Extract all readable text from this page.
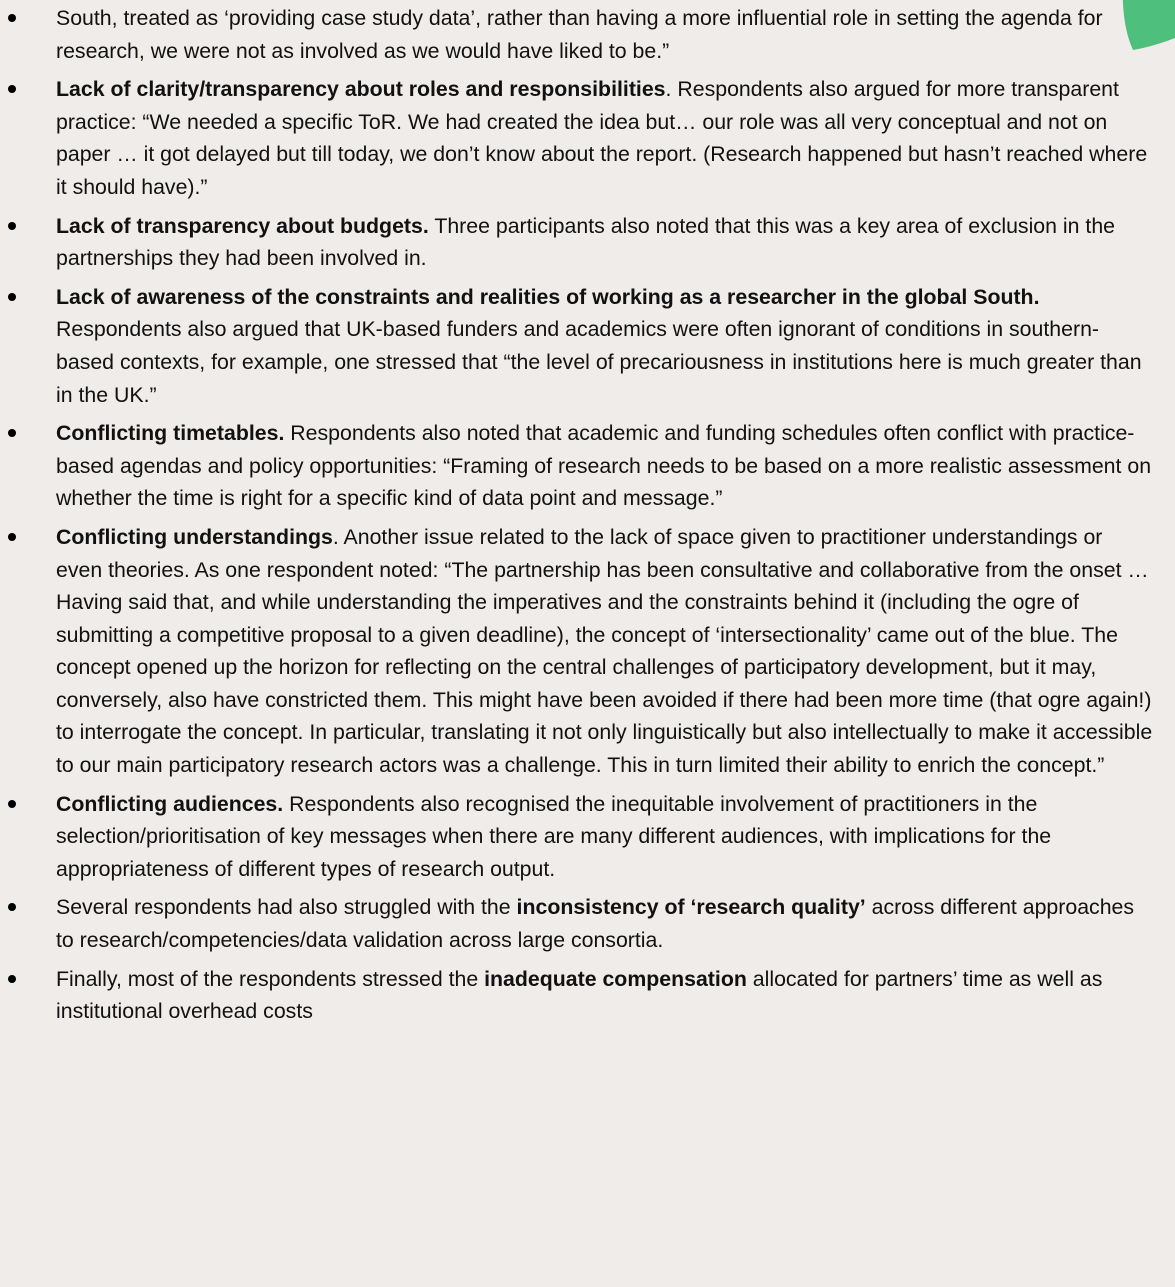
South, treated as ‘providing case study data’, rather than having a more influential role in setting the agenda for research, we were not as involved as we would have liked to be.”
Lack of clarity/transparency about roles and responsibilities. Respondents also argued for more transparent practice: “We needed a specific ToR. We had created the idea but… our role was all very conceptual and not on paper … it got delayed but till today, we don’t know about the report. (Research happened but hasn’t reached where it should have).”
Lack of transparency about budgets. Three participants also noted that this was a key area of exclusion in the partnerships they had been involved in.
Lack of awareness of the constraints and realities of working as a researcher in the global South. Respondents also argued that UK-based funders and academics were often ignorant of conditions in southern-based contexts, for example, one stressed that “the level of precariousness in institutions here is much greater than in the UK.”
Conflicting timetables. Respondents also noted that academic and funding schedules often conflict with practice-based agendas and policy opportunities: “Framing of research needs to be based on a more realistic assessment on whether the time is right for a specific kind of data point and message.”
Conflicting understandings. Another issue related to the lack of space given to practitioner understandings or even theories. As one respondent noted: “The partnership has been consultative and collaborative from the onset … Having said that, and while understanding the imperatives and the constraints behind it (including the ogre of submitting a competitive proposal to a given deadline), the concept of ‘intersectionality’ came out of the blue. The concept opened up the horizon for reflecting on the central challenges of participatory development, but it may, conversely, also have constricted them. This might have been avoided if there had been more time (that ogre again!) to interrogate the concept. In particular, translating it not only linguistically but also intellectually to make it accessible to our main participatory research actors was a challenge. This in turn limited their ability to enrich the concept.”
Conflicting audiences. Respondents also recognised the inequitable involvement of practitioners in the selection/prioritisation of key messages when there are many different audiences, with implications for the appropriateness of different types of research output.
Several respondents had also struggled with the inconsistency of ‘research quality’ across different approaches to research/competencies/data validation across large consortia.
Finally, most of the respondents stressed the inadequate compensation allocated for partners’ time as well as institutional overhead costs
